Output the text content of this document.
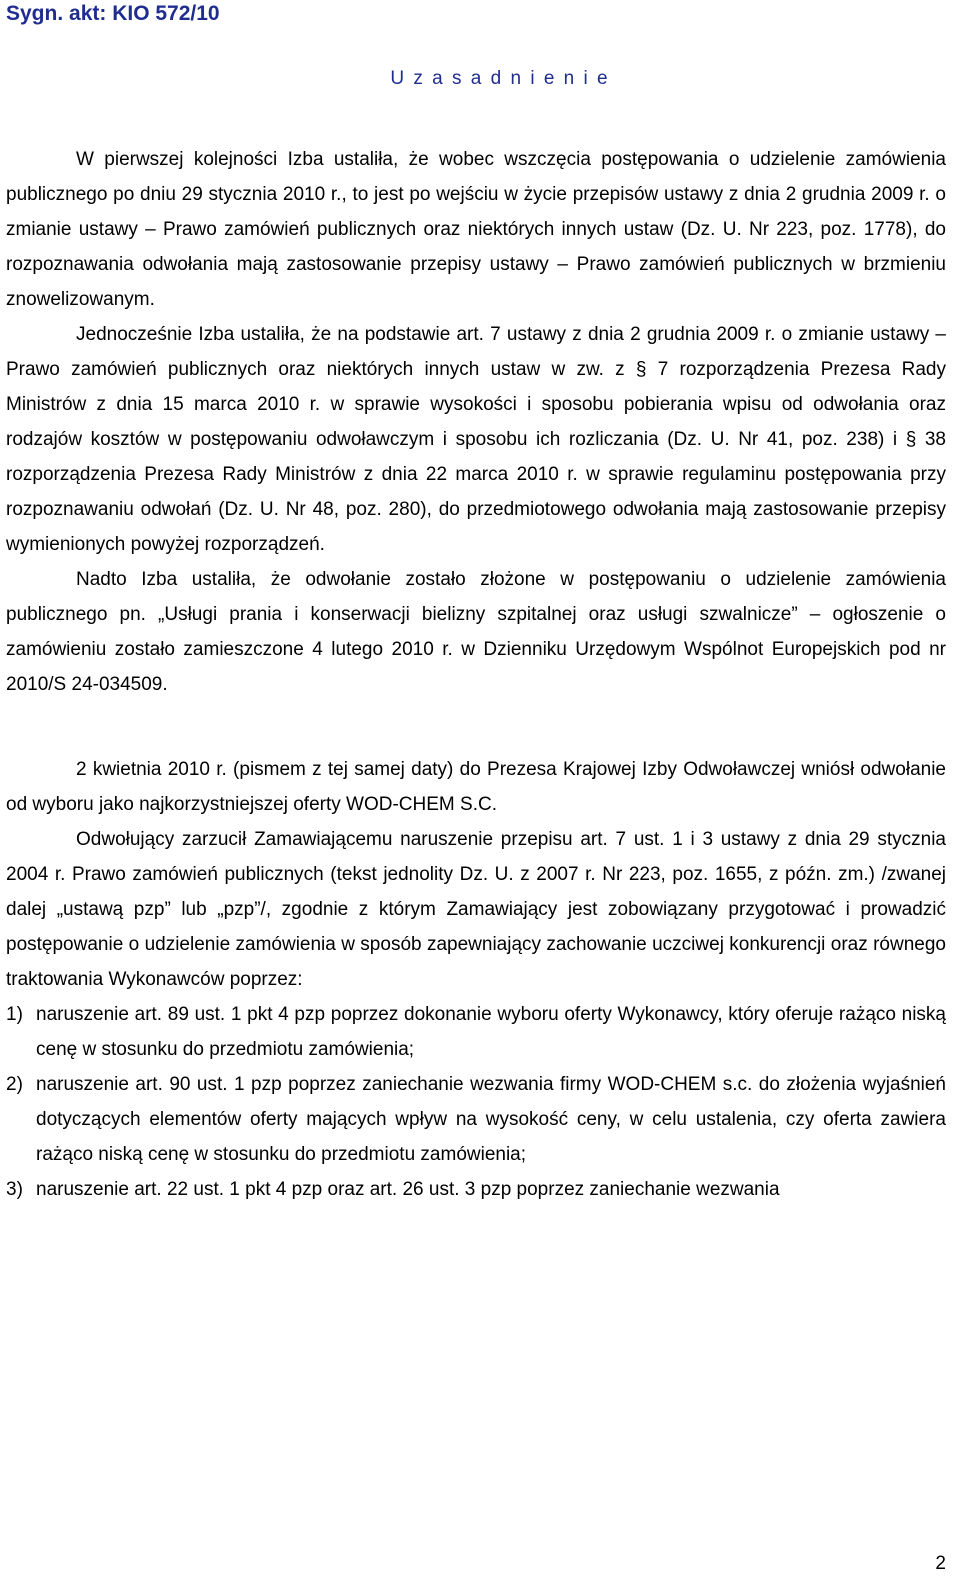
Sygn. akt: KIO 572/10
U z a s a d n i e n i e

W pierwszej kolejności Izba ustaliła, że wobec wszczęcia postępowania o udzielenie zamówienia publicznego po dniu 29 stycznia 2010 r., to jest po wejściu w życie przepisów ustawy z dnia 2 grudnia 2009 r. o zmianie ustawy – Prawo zamówień publicznych oraz niektórych innych ustaw (Dz. U. Nr 223, poz. 1778), do rozpoznawania odwołania mają zastosowanie przepisy ustawy – Prawo zamówień publicznych w brzmieniu znowelizowanym.

Jednocześnie Izba ustaliła, że na podstawie art. 7 ustawy z dnia 2 grudnia 2009 r. o zmianie ustawy – Prawo zamówień publicznych oraz niektórych innych ustaw w zw. z § 7 rozporządzenia Prezesa Rady Ministrów z dnia 15 marca 2010 r. w sprawie wysokości i sposobu pobierania wpisu od odwołania oraz rodzajów kosztów w postępowaniu odwoławczym i sposobu ich rozliczania (Dz. U. Nr 41, poz. 238) i § 38 rozporządzenia Prezesa Rady Ministrów z dnia 22 marca 2010 r. w sprawie regulaminu postępowania przy rozpoznawaniu odwołań (Dz. U. Nr 48, poz. 280), do przedmiotowego odwołania mają zastosowanie przepisy wymienionych powyżej rozporządzeń.

Nadto Izba ustaliła, że odwołanie zostało złożone w postępowaniu o udzielenie zamówienia publicznego pn. „Usługi prania i konserwacji bielizny szpitalnej oraz usługi szwalnicze” – ogłoszenie o zamówieniu zostało zamieszczone 4 lutego 2010 r. w Dzienniku Urzędowym Wspólnot Europejskich pod nr 2010/S 24-034509.

2 kwietnia 2010 r. (pismem z tej samej daty) do Prezesa Krajowej Izby Odwoławczej wniósł odwołanie od wyboru jako najkorzystniejszej oferty WOD-CHEM S.C.

Odwołujący zarzucił Zamawiającemu naruszenie przepisu art. 7 ust. 1 i 3 ustawy z dnia 29 stycznia 2004 r. Prawo zamówień publicznych (tekst jednolity Dz. U. z 2007 r. Nr 223, poz. 1655, z późn. zm.) /zwanej dalej „ustawą pzp” lub „pzp”/, zgodnie z którym Zamawiający jest zobowiązany przygotować i prowadzić postępowanie o udzielenie zamówienia w sposób zapewniający zachowanie uczciwej konkurencji oraz równego traktowania Wykonawców poprzez:

1) naruszenie art. 89 ust. 1 pkt 4 pzp poprzez dokonanie wyboru oferty Wykonawcy, który oferuje rażąco niską cenę w stosunku do przedmiotu zamówienia;
2) naruszenie art. 90 ust. 1 pzp poprzez zaniechanie wezwania firmy WOD-CHEM s.c. do złożenia wyjaśnień dotyczących elementów oferty mających wpływ na wysokość ceny, w celu ustalenia, czy oferta zawiera rażąco niską cenę w stosunku do przedmiotu zamówienia;
3) naruszenie art. 22 ust. 1 pkt 4 pzp oraz art. 26 ust. 3 pzp poprzez zaniechanie wezwania
2
